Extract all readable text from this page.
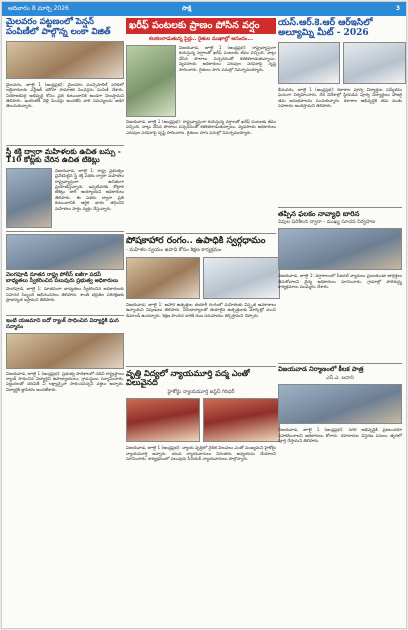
ఆదివారం 8 మార్చి 2026	సాక్షి	3
మైలవరం పట్టణంలో పెన్షన్ పంపిణీలో పాల్గొన్న లంకా విజిత్
మైలవరం, జూలై 1 (ఆంధ్రప్రభ): మైలవరం మున్సిపాలిటీ పరిధిలో లబ్ధిదారులకు ఎన్టీఆర్ భరోసా సామాజిక పింఛన్లను పంపిణీ చేశారు. నియోజకవర్గ అభివృద్ధి కోసం ప్రతి కుటుంబానికి అండగా నిలుస్తామని తెలిపారు. ఇంటింటికి వెళ్లి పింఛన్లు అందజేసి వారి సమస్యలను అడిగి తెలుసుకున్నారు.
స్త్రీ శక్తి ద్వారా మహిళలకు ఉచిత బస్సు - 110 కోట్లకు చేరిన ఉచిత టికెట్లు
విజయవాడ, జూలై 1: రాష్ట్ర ప్రభుత్వం ప్రవేశపెట్టిన స్త్రీ శక్తి పథకం ద్వారా మహిళలు రాష్ట్రవ్యాప్తంగా ఉచితంగా ప్రయాణిస్తున్నారు. ఇప్పటివరకు కోట్లాది టికెట్లు జారీ అయ్యాయని అధికారులు తెలిపారు. ఈ పథకం ద్వారా ప్రతి కుటుంబానికి ఆర్థిక భారం తగ్గిందని మహిళలు హర్షం వ్యక్తం చేస్తున్నారు.
వెలగపూడి నూతన రాష్ట్ర పోలీస్ ఐజీగా పదవీ బాధ్యతలు స్వీకరించిన పలువురు ప్రభుత్వ అధికారులు
వెలగపూడి, జూలై 1: నూతనంగా బాధ్యతలు స్వీకరించిన అధికారులకు సహచర సిబ్బంది అభినందనలు తెలిపారు. శాంతి భద్రతల పరిరక్షణకు ప్రాధాన్యత ఇస్తామని తెలిపారు.
ఇంటి యజమాని ఐదో ర్యాంక్ సాధించిన విద్యార్థికి ఘన సన్మానం
విజయవాడ, జూలై 1 (ఆంధ్రప్రభ): ప్రభుత్వ పాఠశాలలో చదివి రాష్ట్రస్థాయి ర్యాంక్ సాధించిన విద్యార్థిని ఉపాధ్యాయులు, గ్రామస్థులు సన్మానించారు. పట్టుదలతో చదివితే ఏ లక్ష్యాన్నైనా సాధించవచ్చని వక్తలు అన్నారు. విద్యార్థికి జ్ఞాపికను అందజేశారు.
ఖరీఫ్ పంటలకు ప్రాణం పోసిన వర్షం
కలకలలాడుతున్న పైర్లు.. రైతుల ముఖాల్లో ఆనందం...
విజయవాడ, జూలై 1 (ఆంధ్రప్రభ): రాష్ట్రవ్యాప్తంగా కురుస్తున్న వర్షాలతో ఖరీఫ్ పంటలకు జీవం వచ్చింది. నాట్లు వేసిన పొలాలు పచ్చదనంతో కళకళలాడుతున్నాయి. వ్యవసాయ అధికారులు ఎరువుల సరఫరాపై దృష్టి సారించారు. రైతులు సాగు పనుల్లో నిమగ్నమయ్యారు.
విజయవాడ, జూలై 1 (ఆంధ్రప్రభ): రాష్ట్రవ్యాప్తంగా కురుస్తున్న వర్షాలతో ఖరీఫ్ పంటలకు జీవం వచ్చింది. నాట్లు వేసిన పొలాలు పచ్చదనంతో కళకళలాడుతున్నాయి. వ్యవసాయ అధికారులు ఎరువుల సరఫరాపై దృష్టి సారించారు. రైతులు సాగు పనుల్లో నిమగ్నమయ్యారు.
పోషకాహార రంగం.. ఉపాధికి స్వర్గధామం
- మహిళల స్వయం ఉపాధి కోసం శిక్షణ కార్యక్రమం
విజయవాడ, జూలై 1: ఆహార ఉత్పత్తుల తయారీ రంగంలో మహిళలకు విస్తృత అవకాశాలు ఉన్నాయని నిపుణులు తెలిపారు. చిరుధాన్యాలతో తయారైన ఉత్పత్తులకు మార్కెట్లో మంచి డిమాండ్ ఉందన్నారు. శిక్షణ పొందిన వారికి రుణ సదుపాయం కల్పిస్తామని చెప్పారు.
వృత్తి విద్యలో న్యాయమూర్తి పద్మ ఎంతో విలువైనది
హైకోర్టు న్యాయమూర్తి జస్టిస్ గిరిధర్
విజయవాడ, జూలై 1 (ఆంధ్రప్రభ): న్యాయ వృత్తిలో నైతిక విలువలు ఎంతో ముఖ్యమని హైకోర్టు న్యాయమూర్తి అన్నారు. యువ న్యాయవాదులు నిరంతరం అధ్యయనం చేయాలని సూచించారు. కార్యక్రమంలో పలువురు సీనియర్ న్యాయవాదులు పాల్గొన్నారు.
యస్.ఆర్.కె.ఆర్ ఆర్ఇసిలో అల్యూమ్ని మీట్ - 2026
భీమవరం, జూలై 1 (ఆంధ్రప్రభ): కళాశాల పూర్వ విద్యార్థుల సమ్మేళనం ఘనంగా నిర్వహించారు. దేశ విదేశాల్లో స్థిరపడిన పూర్వ విద్యార్థులు హాజరై తమ అనుభవాలను పంచుకున్నారు. కళాశాల అభివృద్ధికి తమ వంతు సహకారం అందిస్తామని తెలిపారు.
తప్పిన ఫలకం నావ్యాధి బారిన
విపుల పరిశీలన ద్వారా - ముఖ్య సూచన నిర్వహణ
విజయవాడ, జూలై 1: వర్షాకాలంలో సీజనల్ వ్యాధులు ప్రబలకుండా జాగ్రత్తలు తీసుకోవాలని వైద్య అధికారులు సూచించారు. గ్రామాల్లో పారిశుద్ధ్య కార్యక్రమాలు ముమ్మరం చేశారు.
విజయవాడ నిర్మాణంలో కీలక పాత్ర
ఎస్.ఎ. బదాని
విజయవాడ, జూలై 1 (ఆంధ్రప్రభ): నగర అభివృద్ధికి ప్రజలందరూ సహకరించాలని అధికారులు కోరారు. రహదారుల విస్తరణ పనులు త్వరలో పూర్తి చేస్తామని తెలిపారు.
